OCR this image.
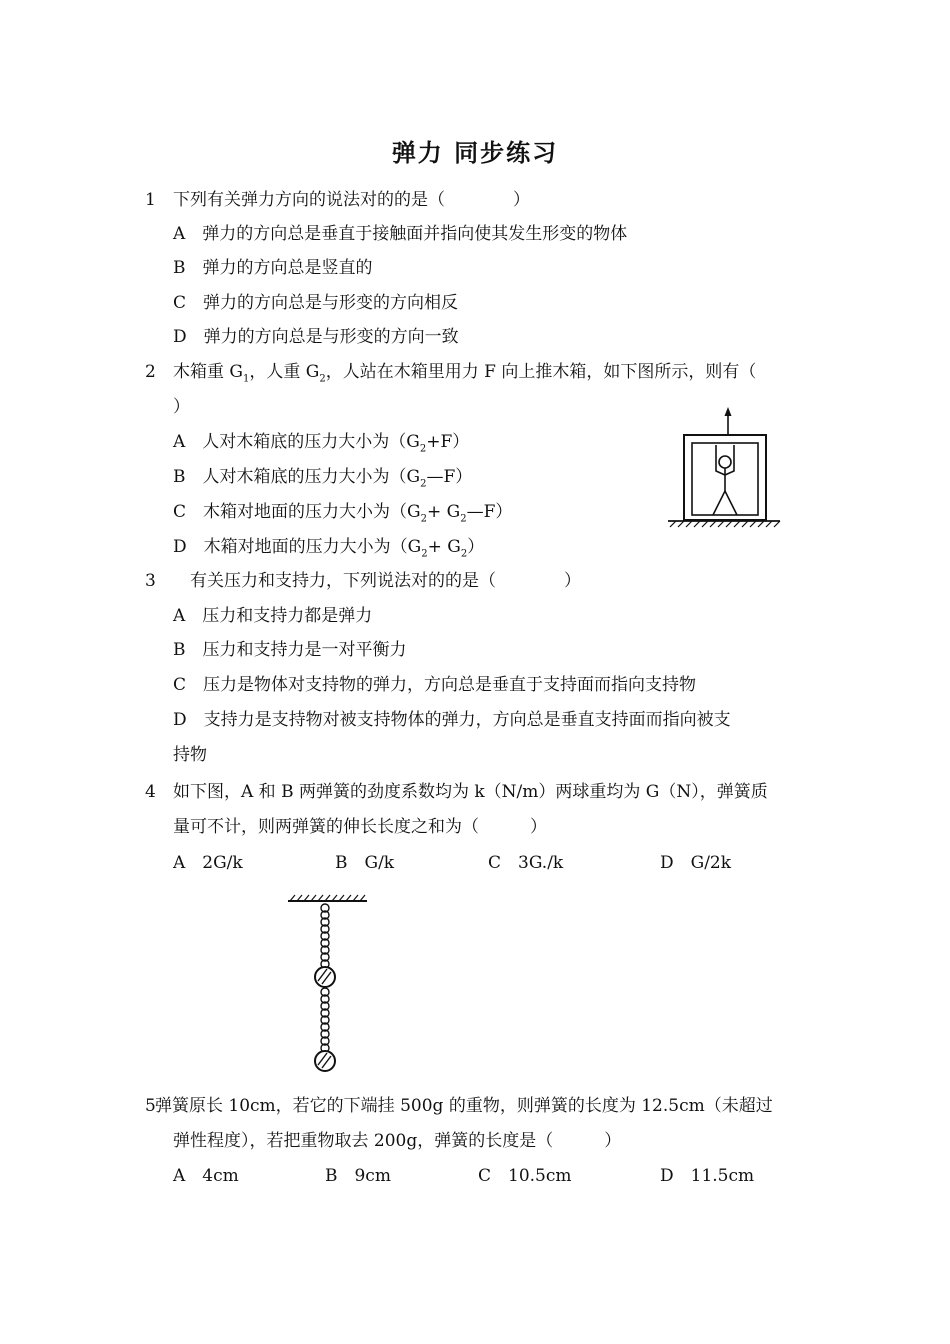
弹力 同步练习
1 下列有关弹力方向的说法对的的是（　　　　）
A　弹力的方向总是垂直于接触面并指向使其发生形变的物体
B　弹力的方向总是竖直的
C　弹力的方向总是与形变的方向相反
D　弹力的方向总是与形变的方向一致
2 木箱重 $G_1$，人重 $G_2$，人站在木箱里用力 F 向上推木箱，如下图所示，则有（
）
A　人对木箱底的压力大小为$(G_2+F)$
B　人对木箱底的压力大小为$(G_2—F)$
C　木箱对地面的压力大小为（$G_2+$ $G_2—F$）
D　木箱对地面的压力大小为$(G_2+ G_2)$
3 　有关压力和支持力，下列说法对的的是（　　　　）
A　压力和支持力都是弹力
B　压力和支持力是一对平衡力
C　压力是物体对支持物的弹力，方向总是垂直于支持面而指向支持物
D　支持力是支持物对被支持物体的弹力，方向总是垂直支持面而指向被支
持物
4 如下图，A 和 B 两弹簧的劲度系数均为 k（N/m）两球重均为 G（N），弹簧质
量可不计，则两弹簧的伸长长度之和为（　　　）
A　2G/k	B　G/k	C　3G./k	D　G/2k
5 弹簧原长 10cm，若它的下端挂 500g 的重物，则弹簧的长度为 12.5cm（未超过
弹性程度），若把重物取去 200g，弹簧的长度是（　　　）
A　4cm	B　9cm	C　10.5cm	D　11.5cm
